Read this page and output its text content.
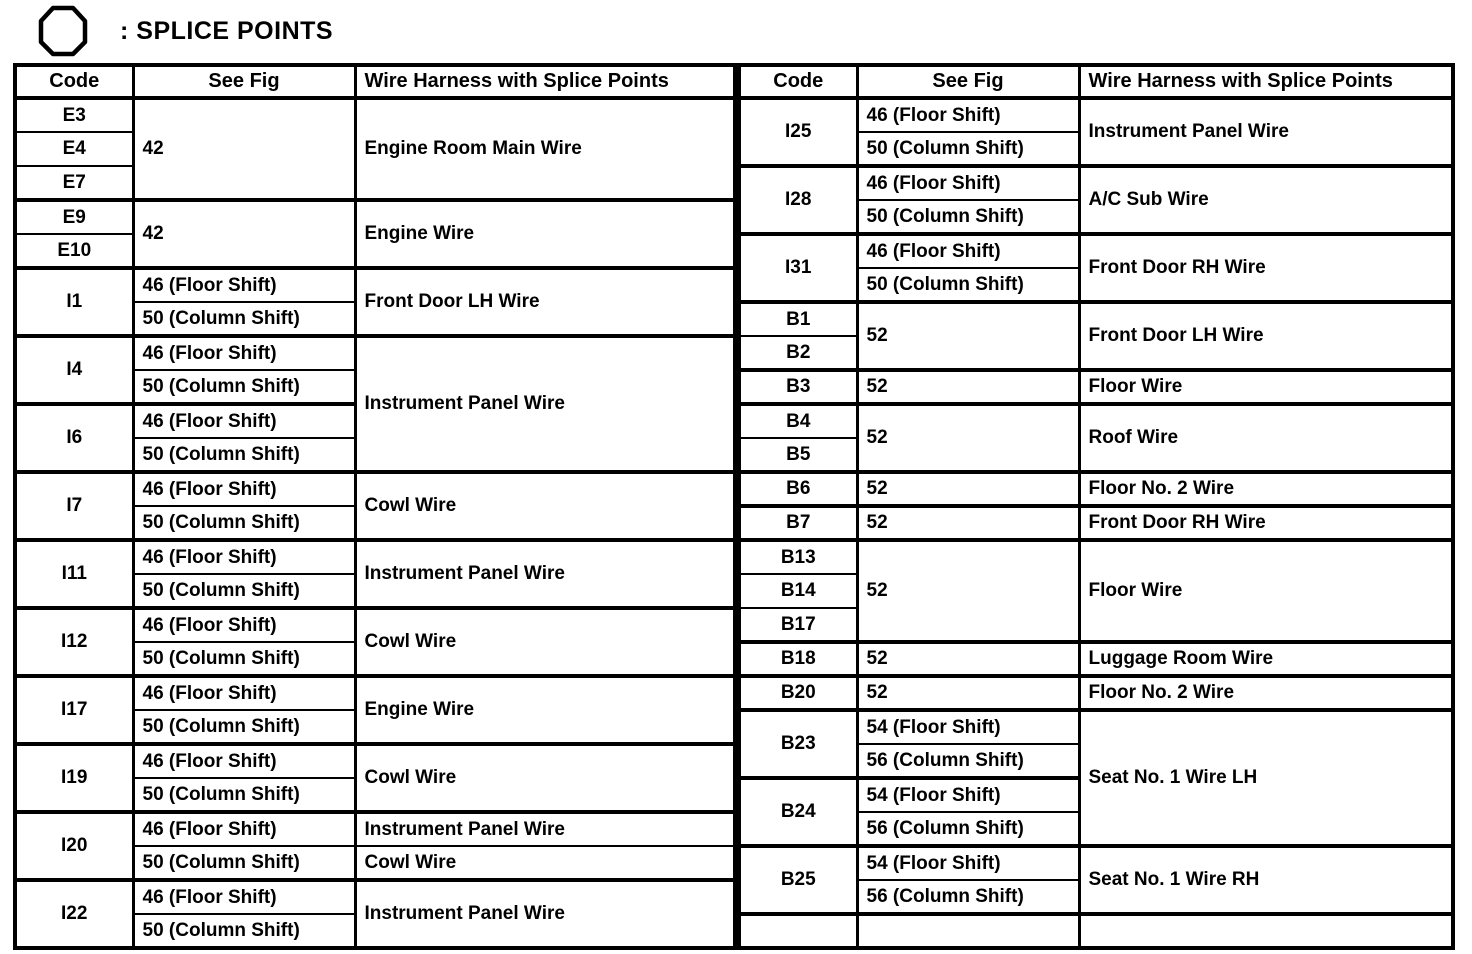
: SPLICE POINTS
Code	See Fig	Wire Harness with Splice Points
E3	42	Engine Room Main Wire
E4		
E7		
E9	42	Engine Wire
E10		
I1	46 (Floor Shift)	Front Door LH Wire
	50 (Column Shift)	
I4	46 (Floor Shift)	Instrument Panel Wire
	50 (Column Shift)	
I6	46 (Floor Shift)	
	50 (Column Shift)	
I7	46 (Floor Shift)	Cowl Wire
	50 (Column Shift)	
I11	46 (Floor Shift)	Instrument Panel Wire
	50 (Column Shift)	
I12	46 (Floor Shift)	Cowl Wire
	50 (Column Shift)	
I17	46 (Floor Shift)	Engine Wire
	50 (Column Shift)	
I19	46 (Floor Shift)	Cowl Wire
	50 (Column Shift)	
I20	46 (Floor Shift)	Instrument Panel Wire
	50 (Column Shift)	Cowl Wire
I22	46 (Floor Shift)	Instrument Panel Wire
	50 (Column Shift)	
Code	See Fig	Wire Harness with Splice Points
I25	46 (Floor Shift)	Instrument Panel Wire
	50 (Column Shift)	
I28	46 (Floor Shift)	A/C Sub Wire
	50 (Column Shift)	
I31	46 (Floor Shift)	Front Door RH Wire
	50 (Column Shift)	
B1	52	Front Door LH Wire
B2		
B3	52	Floor Wire
B4	52	Roof Wire
B5		
B6	52	Floor No. 2 Wire
B7	52	Front Door RH Wire
B13	52	Floor Wire
B14		
B17		
B18	52	Luggage Room Wire
B20	52	Floor No. 2 Wire
B23	54 (Floor Shift)	Seat No. 1 Wire LH
	56 (Column Shift)	
B24	54 (Floor Shift)	
	56 (Column Shift)	
B25	54 (Floor Shift)	Seat No. 1 Wire RH
	56 (Column Shift)	
